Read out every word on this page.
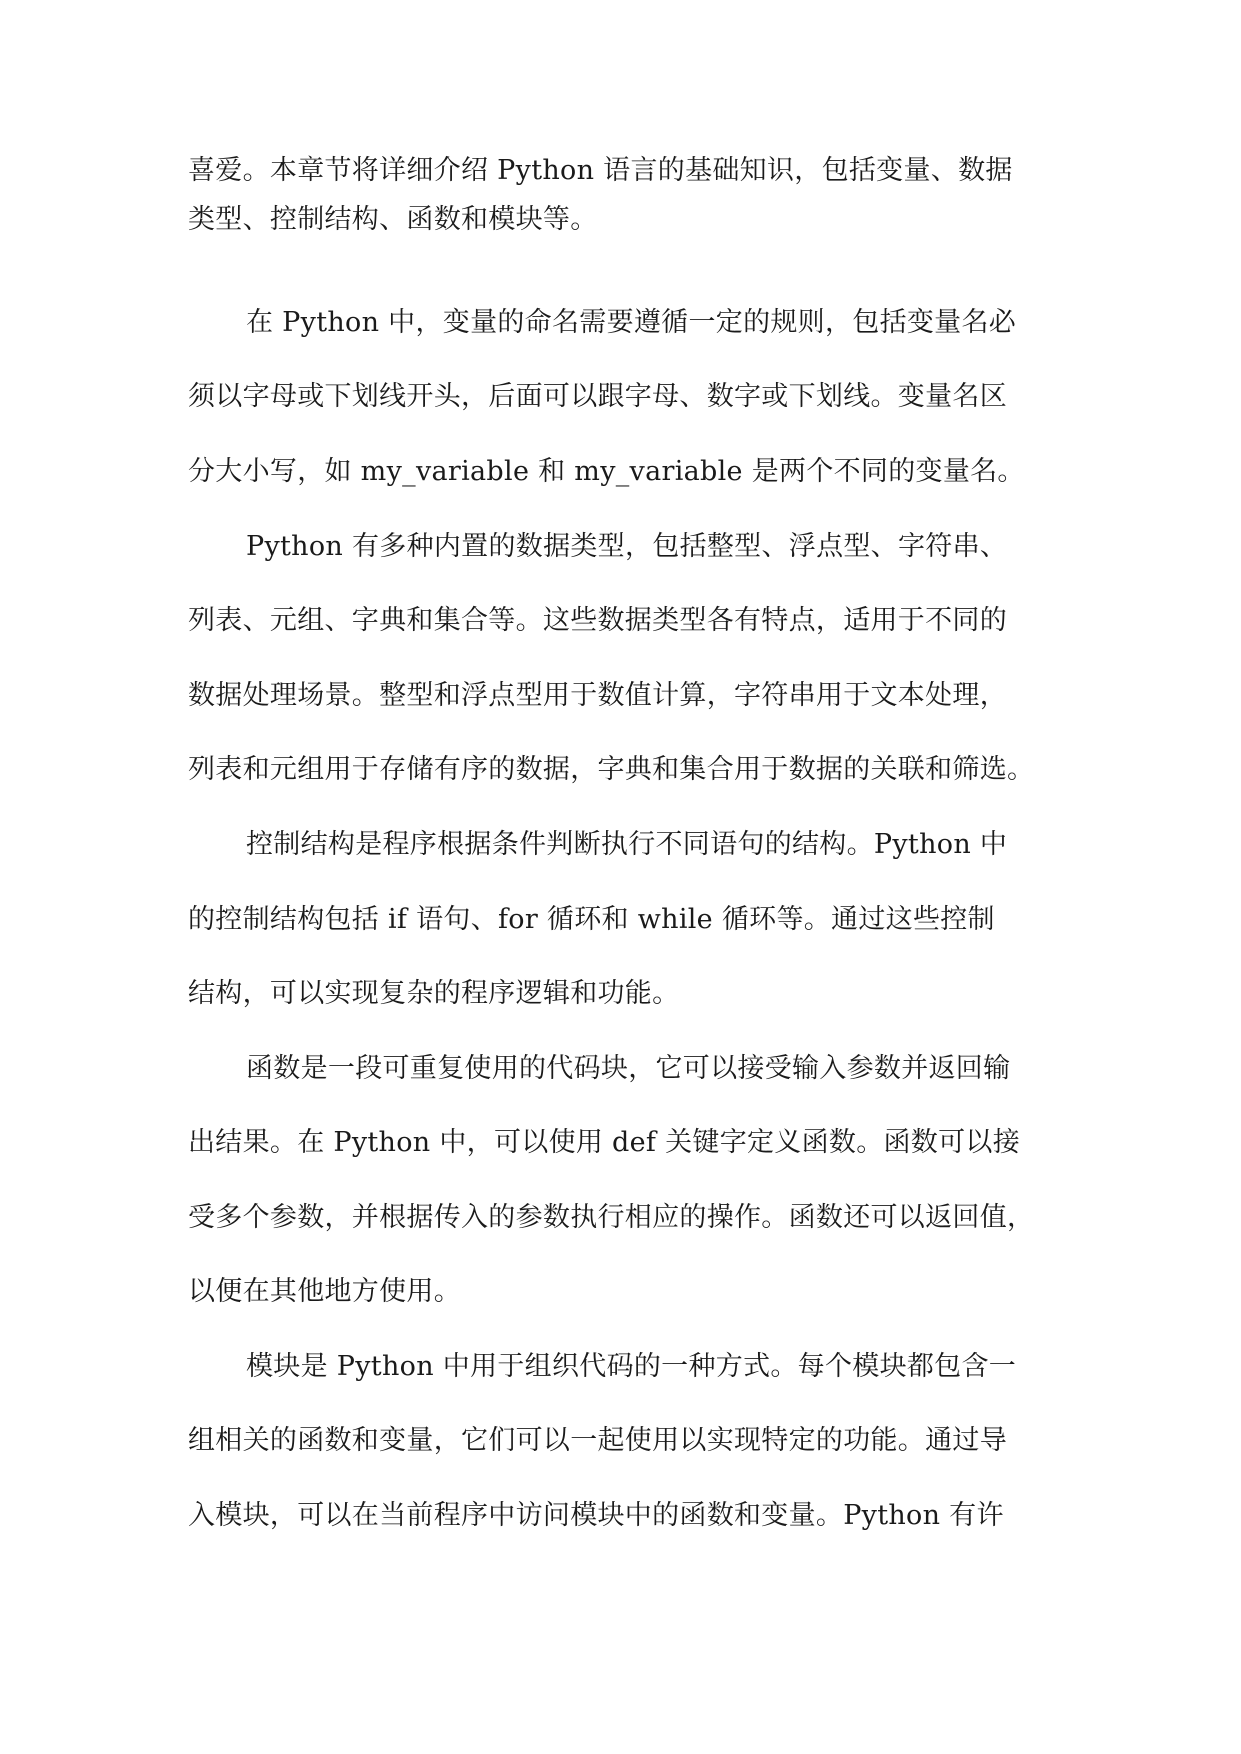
喜爱。本章节将详细介绍 Python 语言的基础知识，包括变量、数据
类型、控制结构、函数和模块等。
在 Python 中，变量的命名需要遵循一定的规则，包括变量名必
须以字母或下划线开头，后面可以跟字母、数字或下划线。变量名区
分大小写，如 my_variable 和 my_variable 是两个不同的变量名。
Python 有多种内置的数据类型，包括整型、浮点型、字符串、
列表、元组、字典和集合等。这些数据类型各有特点，适用于不同的
数据处理场景。整型和浮点型用于数值计算，字符串用于文本处理，
列表和元组用于存储有序的数据，字典和集合用于数据的关联和筛选。
控制结构是程序根据条件判断执行不同语句的结构。Python 中
的控制结构包括 if 语句、for 循环和 while 循环等。通过这些控制
结构，可以实现复杂的程序逻辑和功能。
函数是一段可重复使用的代码块，它可以接受输入参数并返回输
出结果。在 Python 中，可以使用 def 关键字定义函数。函数可以接
受多个参数，并根据传入的参数执行相应的操作。函数还可以返回值，
以便在其他地方使用。
模块是 Python 中用于组织代码的一种方式。每个模块都包含一
组相关的函数和变量，它们可以一起使用以实现特定的功能。通过导
入模块，可以在当前程序中访问模块中的函数和变量。Python 有许
